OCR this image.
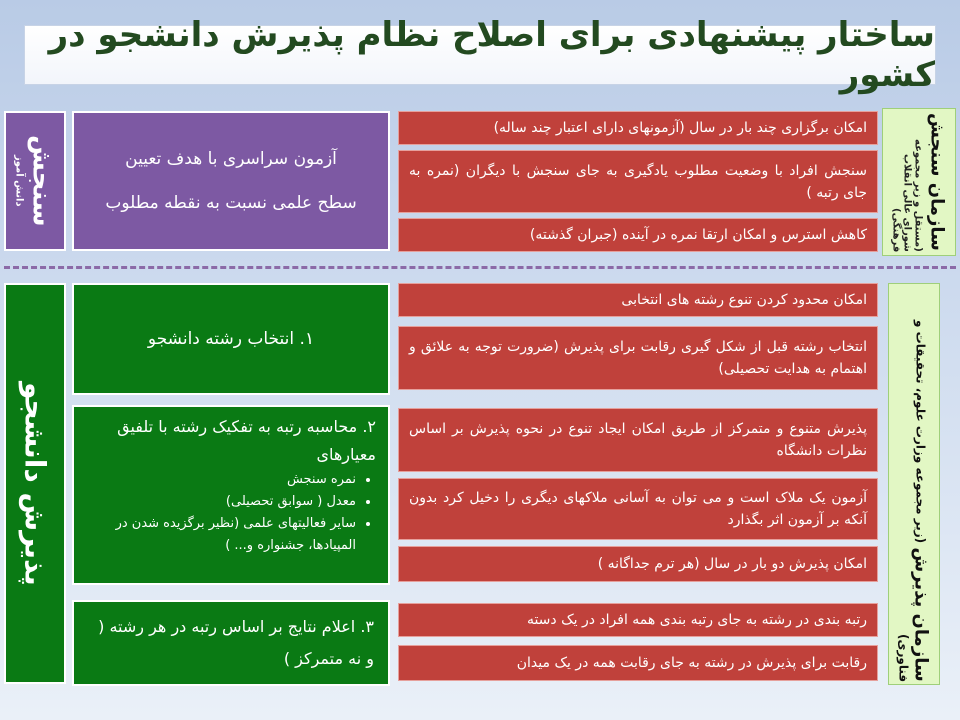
ساختار پیشنهادی برای اصلاح نظام پذیرش دانشجو در کشور
سنجش
دانش آموز	آزمون سراسری با هدف تعیین
سطح علمی نسبت به نقطه مطلوب
امکان برگزاری چند بار در سال (آزمونهای دارای اعتبار چند ساله)
سنجش افراد با وضعیت مطلوب یادگیری به جای سنجش با دیگران (نمره به جای رتبه )
کاهش استرس و امکان ارتقا نمره در آینده (جبران گذشته)	سازمان سنجش
(مستقل و زیر مجموعه شورای عالی انقلاب فرهنگی)
پذیرش دانشجو
۱. انتخاب رشته دانشجو
۲. محاسبه رتبه به تفکیک رشته با تلفیق معیارهای
• نمره سنجش
• معدل ( سوابق تحصیلی)
• سایر فعالیتهای علمی (نظیر برگزیده شدن در المپیادها، جشنواره و... )
۳. اعلام نتایج بر اساس رتبه در هر رشته ( و نه متمرکز )
امکان محدود کردن تنوع رشته های انتخابی
انتخاب رشته قبل از شکل گیری رقابت برای پذیرش (ضرورت توجه به علائق و اهتمام به هدایت تحصیلی)
پذیرش متنوع و متمرکز از طریق امکان ایجاد تنوع در نحوه پذیرش بر اساس نظرات دانشگاه
آزمون یک ملاک است و می توان به آسانی ملاکهای دیگری را دخیل کرد بدون آنکه بر آزمون اثر بگذارد
امکان پذیرش دو بار در سال (هر ترم جداگانه )
رتبه بندی در رشته به جای رتبه بندی همه افراد در یک دسته
رقابت برای پذیرش در رشته به جای رقابت همه در یک میدان	سازمان پذیرش (زیر مجموعه وزارت علوم، تحقیقات و فناوری)
